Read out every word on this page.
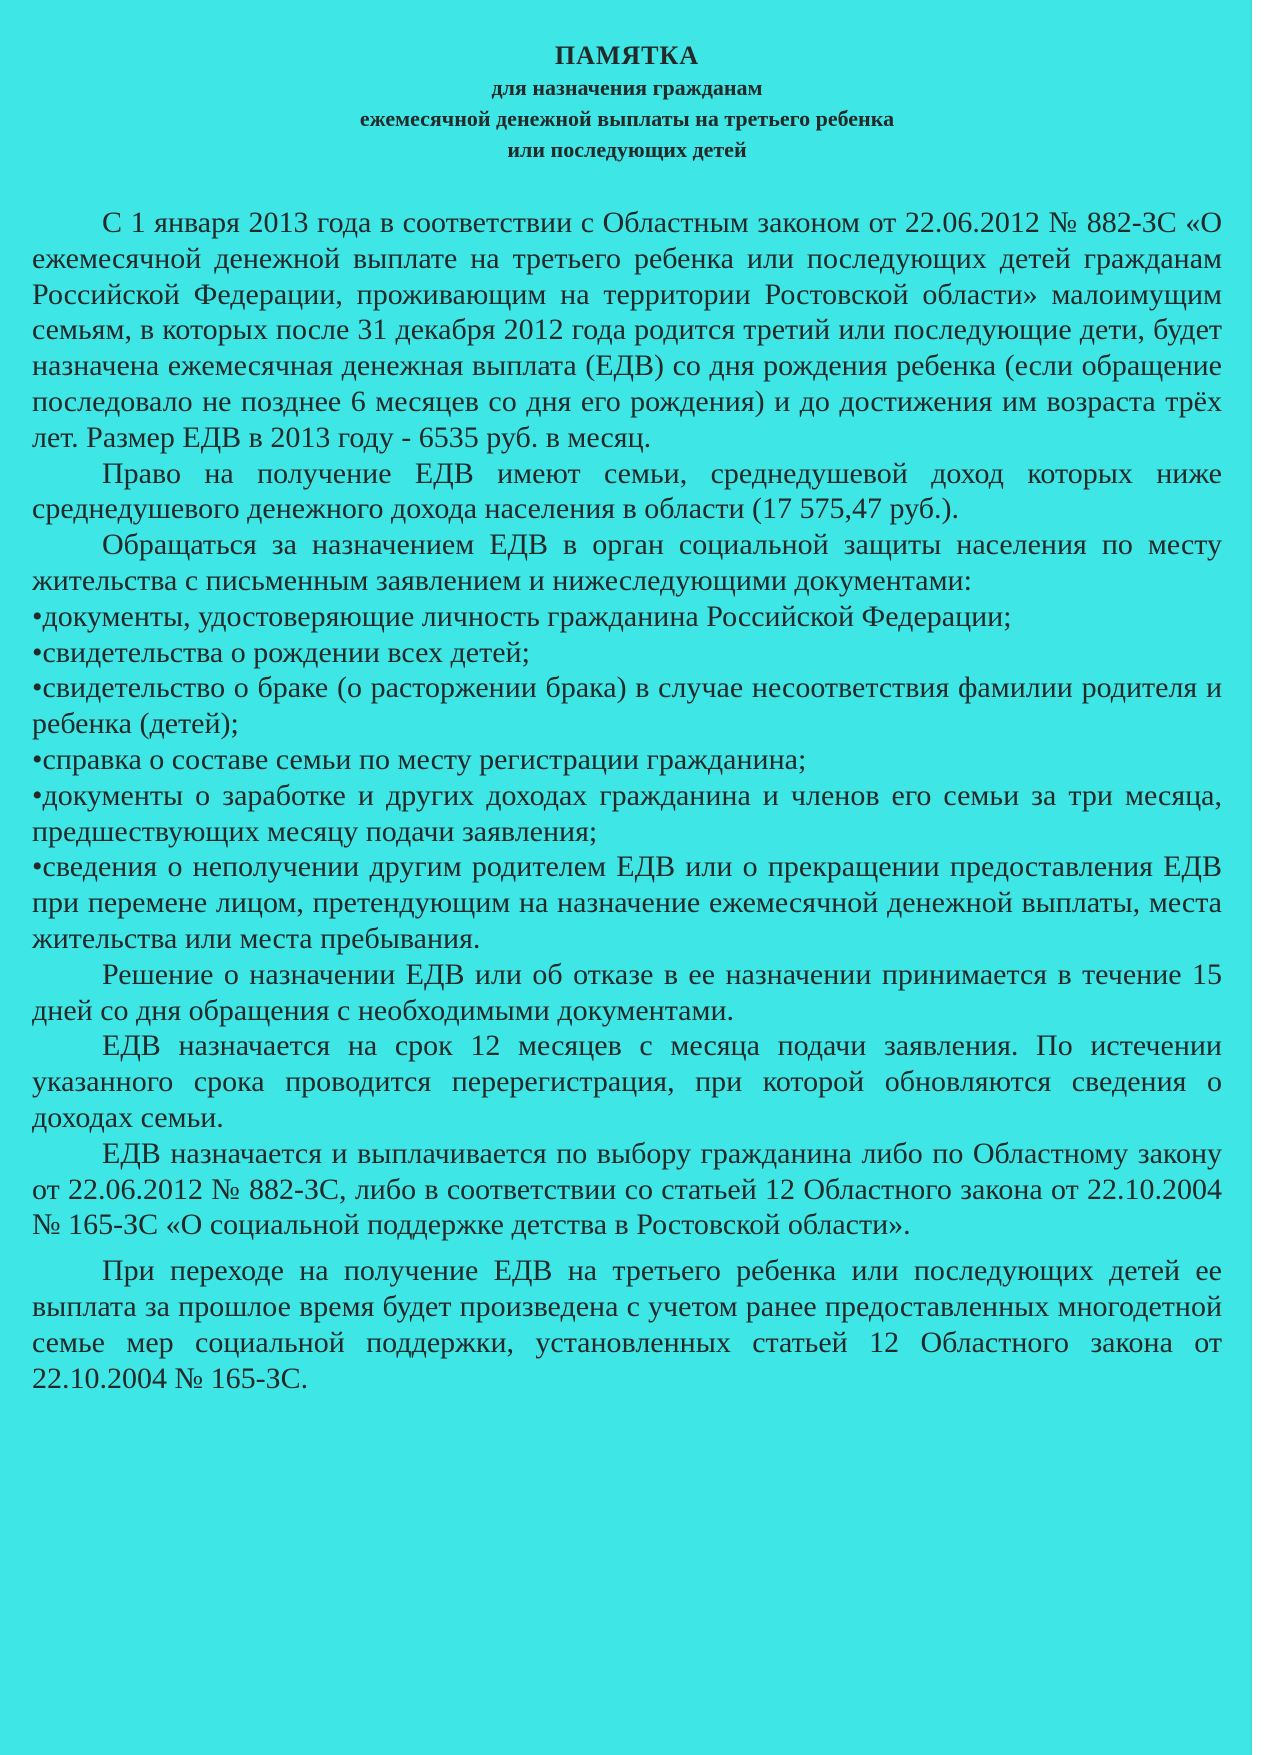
ПАМЯТКА

для назначения гражданам

ежемесячной денежной выплаты на третьего ребенка

или последующих детей

С 1 января 2013 года в соответствии с Областным законом от 22.06.2012 № 882-ЗС «О ежемесячной денежной выплате на третьего ребенка или последующих детей гражданам Российской Федерации, проживающим на территории Ростовской области» малоимущим семьям, в которых после 31 декабря 2012 года родится третий или последующие дети, будет назначена ежемесячная денежная выплата (ЕДВ) со дня рождения ребенка (если обращение последовало не позднее 6 месяцев со дня его рождения) и до достижения им возраста трёх лет. Размер ЕДВ в 2013 году - 6535 руб. в месяц.

Право на получение ЕДВ имеют семьи, среднедушевой доход которых ниже среднедушевого денежного дохода населения в области (17 575,47 руб.).

Обращаться за назначением ЕДВ в орган социальной защиты населения по месту жительства с письменным заявлением и нижеследующими документами:

•документы, удостоверяющие личность гражданина Российской Федерации;

•свидетельства о рождении всех детей;

•свидетельство о браке (о расторжении брака) в случае несоответствия фамилии родителя и ребенка (детей);

•справка о составе семьи по месту регистрации гражданина;

•документы о заработке и других доходах гражданина и членов его семьи за три месяца, предшествующих месяцу подачи заявления;

•сведения о неполучении другим родителем ЕДВ или о прекращении предоставления ЕДВ при перемене лицом, претендующим на назначение ежемесячной денежной выплаты, места жительства или места пребывания.

Решение о назначении ЕДВ или об отказе в ее назначении принимается в течение 15 дней со дня обращения с необходимыми документами.

ЕДВ назначается на срок 12 месяцев с месяца подачи заявления. По истечении указанного срока проводится перерегистрация, при которой обновляются сведения о доходах семьи.

ЕДВ назначается и выплачивается по выбору гражданина либо по Областному закону от 22.06.2012 № 882-ЗС, либо в соответствии со статьей 12 Областного закона от 22.10.2004 № 165-ЗС «О социальной поддержке детства в Ростовской области».

При переходе на получение ЕДВ на третьего ребенка или последующих детей ее выплата за прошлое время будет произведена с учетом ранее предоставленных многодетной семье мер социальной поддержки, установленных статьей 12 Областного закона от 22.10.2004 № 165-ЗС.
